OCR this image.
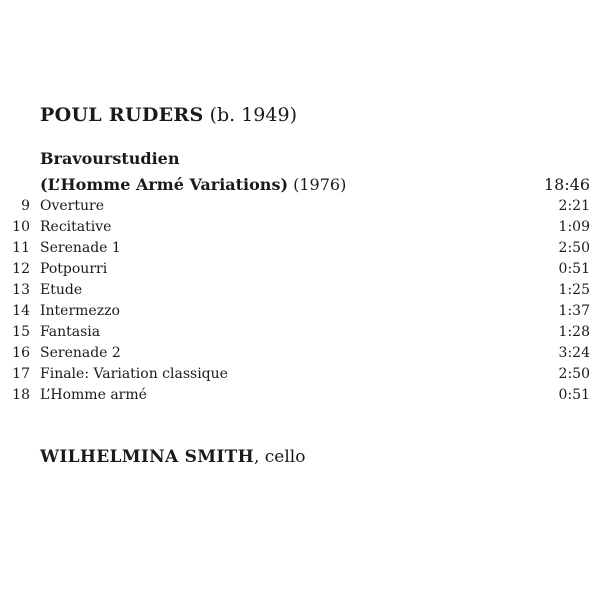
POUL RUDERS (b. 1949)
Bravourstudien
(L’Homme Armé Variations) (1976)	18:46
9 Overture	2:21
10 Recitative	1:09
11 Serenade 1	2:50
12 Potpourri	0:51
13 Etude	1:25
14 Intermezzo	1:37
15 Fantasia	1:28
16 Serenade 2	3:24
17 Finale: Variation classique	2:50
18 L’Homme armé	0:51
WILHELMINA SMITH, cello
